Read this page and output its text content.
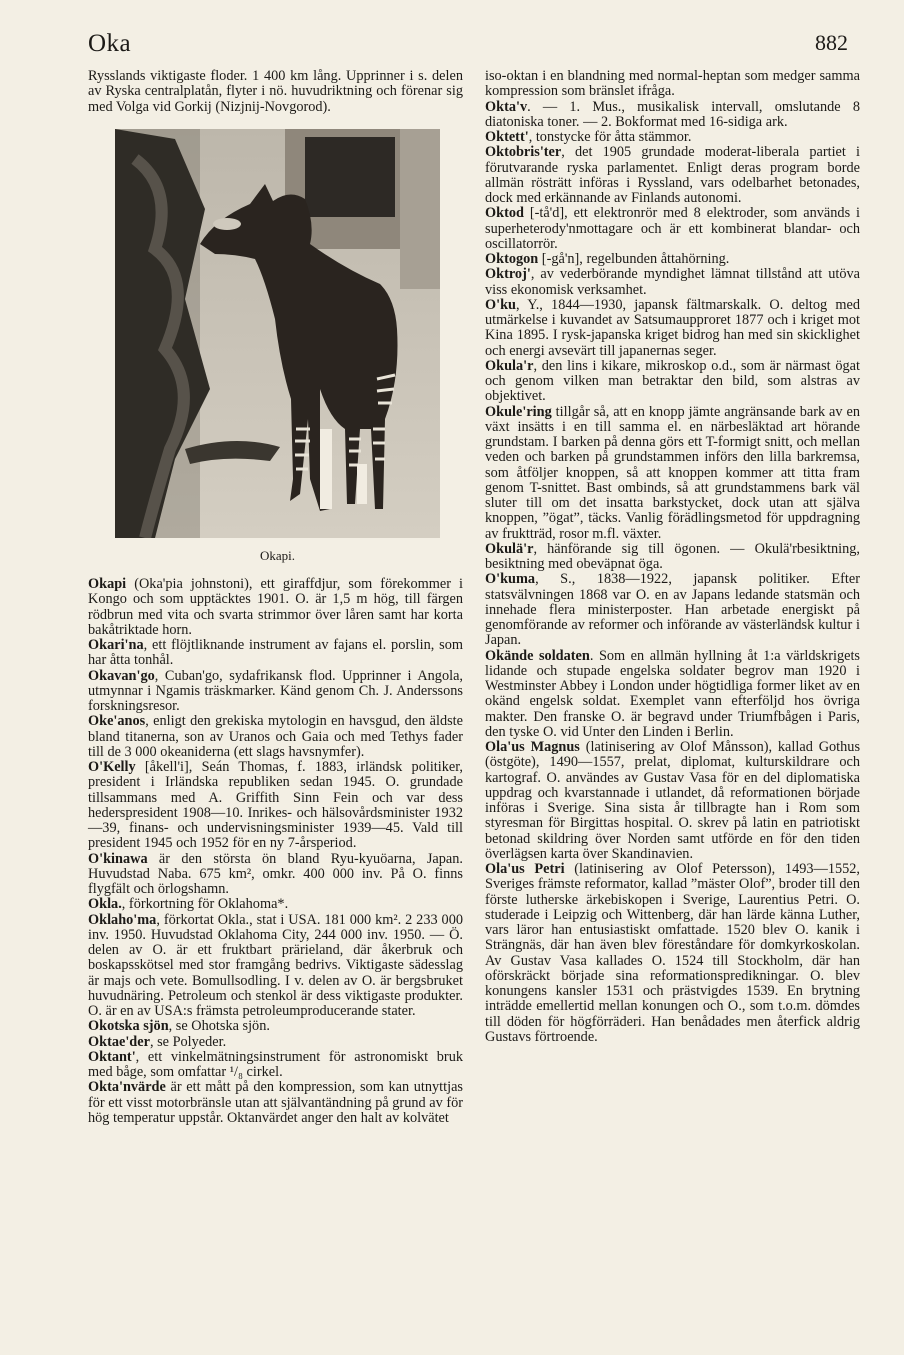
Oka	882

Rysslands viktigaste floder. 1 400 km lång. Upprinner i s. delen av Ryska centralplatån, flyter i nö. huvudriktning och förenar sig med Volga vid Gorkij (Nizjnij-Novgorod).

Okapi.

Okapi (Oka'pia johnstoni), ett giraffdjur, som förekommer i Kongo och som upptäcktes 1901. O. är 1,5 m hög, till färgen rödbrun med vita och svarta strimmor över låren samt har korta bakåtriktade horn.

Okari'na, ett flöjtliknande instrument av fajans el. porslin, som har åtta tonhål.

Okavan'go, Cuban'go, sydafrikansk flod. Upprinner i Angola, utmynnar i Ngamis träskmarker. Känd genom Ch. J. Anderssons forskningsresor.

Oke'anos, enligt den grekiska mytologin en havsgud, den äldste bland titanerna, son av Uranos och Gaia och med Tethys fader till de 3 000 okeaniderna (ett slags havsnymfer).

O'Kelly [åkell'i], Seán Thomas, f. 1883, irländsk politiker, president i Irländska republiken sedan 1945. O. grundade tillsammans med A. Griffith Sinn Fein och var dess hederspresident 1908—10. Inrikes- och hälsovårdsminister 1932—39, finans- och undervisningsminister 1939—45. Vald till president 1945 och 1952 för en ny 7-årsperiod.

O'kinawa är den största ön bland Ryu-kyuöarna, Japan. Huvudstad Naba. 675 km², omkr. 400 000 inv. På O. finns flygfält och örlogshamn.

Okla., förkortning för Oklahoma*.

Oklaho'ma, förkortat Okla., stat i USA. 181 000 km². 2 233 000 inv. 1950. Huvudstad Oklahoma City, 244 000 inv. 1950. — Ö. delen av O. är ett fruktbart prärieland, där åkerbruk och boskapsskötsel med stor framgång bedrivs. Viktigaste sädesslag är majs och vete. Bomullsodling. I v. delen av O. är bergsbruket huvudnäring. Petroleum och stenkol är dess viktigaste produkter. O. är en av USA:s främsta petroleumproducerande stater.

Okotska sjön, se Ohotska sjön.

Oktae'der, se Polyeder.

Oktant', ett vinkelmätningsinstrument för astronomiskt bruk med båge, som omfattar ¹/₈ cirkel.

Okta'nvärde är ett mått på den kompression, som kan utnyttjas för ett visst motorbränsle utan att självantändning på grund av för hög temperatur uppstår. Oktanvärdet anger den halt av kolvätet

iso-oktan i en blandning med normal-heptan som medger samma kompression som bränslet ifråga.

Okta'v. — 1. Mus., musikalisk intervall, omslutande 8 diatoniska toner. — 2. Bokformat med 16-sidiga ark.

Oktett', tonstycke för åtta stämmor.

Oktobris'ter, det 1905 grundade moderat-liberala partiet i förutvarande ryska parlamentet. Enligt deras program borde allmän rösträtt införas i Ryssland, vars odelbarhet betonades, dock med erkännande av Finlands autonomi.

Oktod [-tå'd], ett elektronrör med 8 elektroder, som används i superheterody'nmottagare och är ett kombinerat blandar- och oscillatorrör.

Oktogon [-gå'n], regelbunden åttahörning.

Oktroj', av vederbörande myndighet lämnat tillstånd att utöva viss ekonomisk verksamhet.

O'ku, Y., 1844—1930, japansk fältmarskalk. O. deltog med utmärkelse i kuvandet av Satsumaupproret 1877 och i kriget mot Kina 1895. I rysk-japanska kriget bidrog han med sin skicklighet och energi avsevärt till japanernas seger.

Okula'r, den lins i kikare, mikroskop o.d., som är närmast ögat och genom vilken man betraktar den bild, som alstras av objektivet.

Okule'ring tillgår så, att en knopp jämte angränsande bark av en växt insätts i en till samma el. en närbesläktad art hörande grundstam. I barken på denna görs ett T-formigt snitt, och mellan veden och barken på grundstammen införs den lilla barkremsa, som åtföljer knoppen, så att knoppen kommer att titta fram genom T-snittet. Bast ombinds, så att grundstammens bark väl sluter till om det insatta barkstycket, dock utan att själva knoppen, ”ögat”, täcks. Vanlig förädlingsmetod för uppdragning av fruktträd, rosor m.fl. växter.

Okulä'r, hänförande sig till ögonen. — Okulä'rbesiktning, besiktning med obeväpnat öga.

O'kuma, S., 1838—1922, japansk politiker. Efter statsvälvningen 1868 var O. en av Japans ledande statsmän och innehade flera ministerposter. Han arbetade energiskt på genomförande av reformer och införande av västerländsk kultur i Japan.

Okände soldaten. Som en allmän hyllning åt 1:a världskrigets lidande och stupade engelska soldater begrov man 1920 i Westminster Abbey i London under högtidliga former liket av en okänd engelsk soldat. Exemplet vann efterföljd hos övriga makter. Den franske O. är begravd under Triumfbågen i Paris, den tyske O. vid Unter den Linden i Berlin.

Ola'us Magnus (latinisering av Olof Månsson), kallad Gothus (östgöte), 1490—1557, prelat, diplomat, kulturskildrare och kartograf. O. användes av Gustav Vasa för en del diplomatiska uppdrag och kvarstannade i utlandet, då reformationen började införas i Sverige. Sina sista år tillbragte han i Rom som styresman för Birgittas hospital. O. skrev på latin en patriotiskt betonad skildring över Norden samt utförde en för den tiden överlägsen karta över Skandinavien.

Ola'us Petri (latinisering av Olof Petersson), 1493—1552, Sveriges främste reformator, kallad ”mäster Olof”, broder till den förste lutherske ärkebiskopen i Sverige, Laurentius Petri. O. studerade i Leipzig och Wittenberg, där han lärde känna Luther, vars läror han entusiastiskt omfattade. 1520 blev O. kanik i Strängnäs, där han även blev föreståndare för domkyrkoskolan. Av Gustav Vasa kallades O. 1524 till Stockholm, där han oförskräckt började sina reformationspredikningar. O. blev konungens kansler 1531 och prästvigdes 1539. En brytning inträdde emellertid mellan konungen och O., som t.o.m. dömdes till döden för högförräderi. Han benådades men återfick aldrig Gustavs förtroende.
